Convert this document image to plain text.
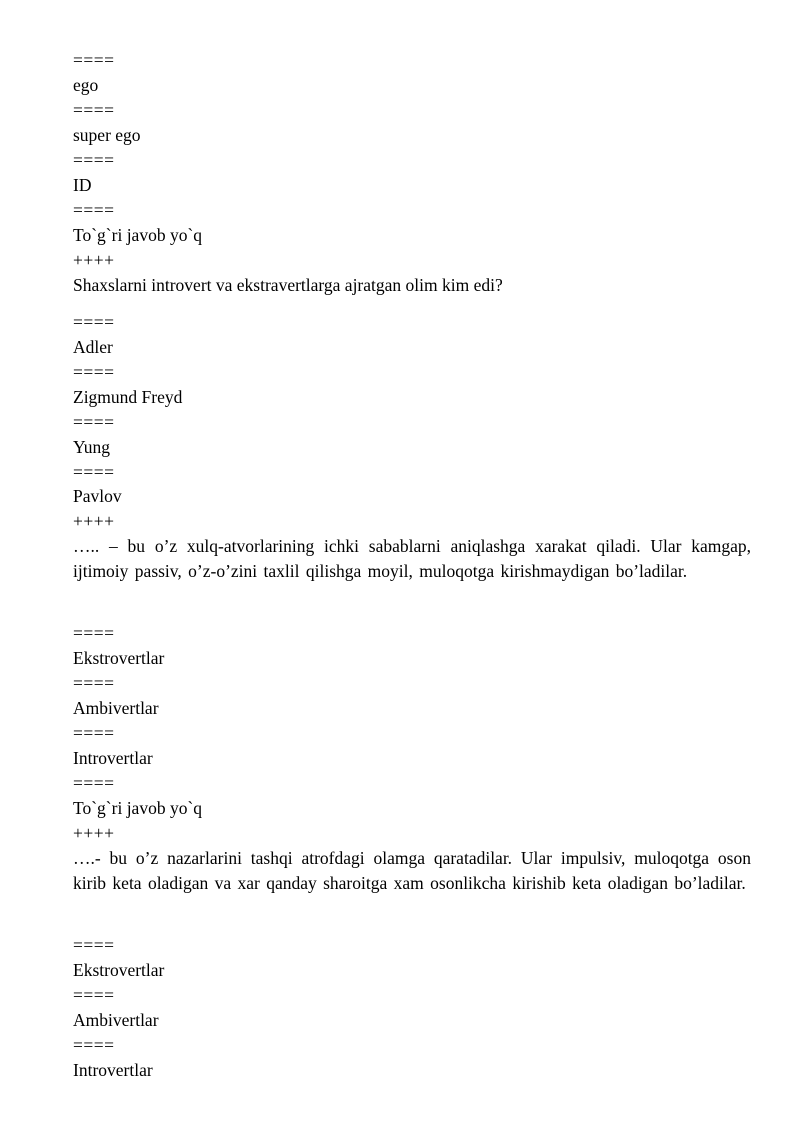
====
ego
====
super ego
====
ID
====
To`g`ri javob yo`q
++++
Shaxslarni introvert va ekstravertlarga ajratgan olim kim edi?
====
Adler
====
Zigmund Freyd
====
Yung
====
Pavlov
++++
….. – bu o’z xulq-atvorlarining ichki sabablarni aniqlashga xarakat qiladi. Ular kamgap, ijtimoiy passiv, o’z-o’zini taxlil qilishga moyil, muloqotga kirishmaydigan bo’ladilar.
====
Ekstrovertlar
====
Ambivertlar
====
Introvertlar
====
To`g`ri javob yo`q
++++
….- bu o’z nazarlarini tashqi atrofdagi olamga qaratadilar. Ular impulsiv, muloqotga oson kirib keta oladigan va xar qanday sharoitga xam osonlikcha kirishib keta oladigan bo’ladilar.
====
Ekstrovertlar
====
Ambivertlar
====
Introvertlar
